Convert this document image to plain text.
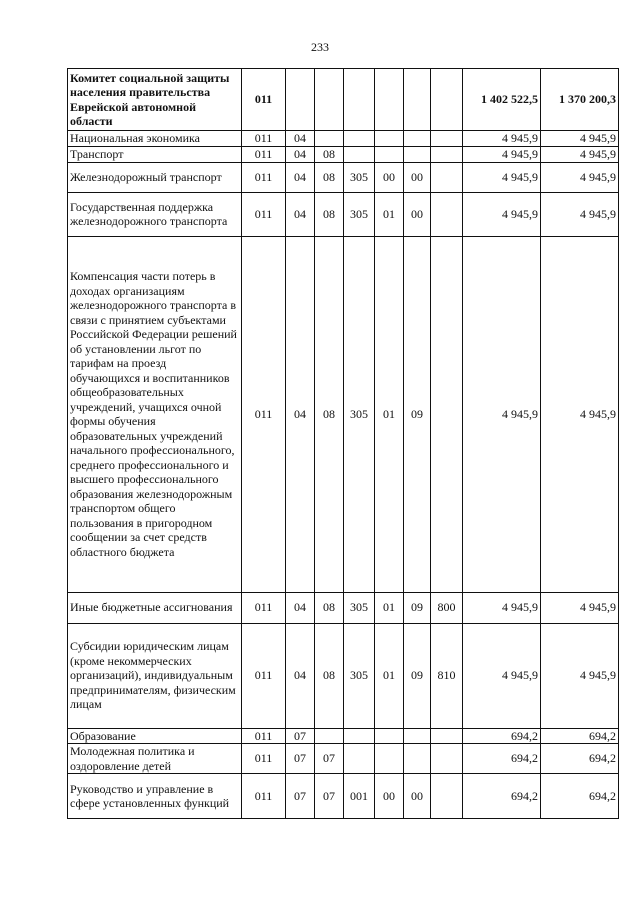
233
Комитет социальной защиты населения правительства Еврейской автономной области	011							1 402 522,5	1 370 200,3
Национальная экономика	011	04						4 945,9	4 945,9
Транспорт	011	04	08					4 945,9	4 945,9
Железнодорожный транспорт	011	04	08	305	00	00		4 945,9	4 945,9
Государственная поддержка железнодорожного транспорта	011	04	08	305	01	00		4 945,9	4 945,9
Компенсация части потерь в доходах организациям железнодорожного транспорта в связи с принятием субъектами Российской Федерации решений об установлении льгот по тарифам на проезд обучающихся и воспитанников общеобразовательных учреждений, учащихся очной формы обучения образовательных учреждений начального профессионального, среднего профессионального и высшего профессионального образования железнодорожным транспортом общего пользования в пригородном сообщении за счет средств областного бюджета	011	04	08	305	01	09		4 945,9	4 945,9
Иные бюджетные ассигнования	011	04	08	305	01	09	800	4 945,9	4 945,9
Субсидии юридическим лицам (кроме некоммерческих организаций), индивидуальным предпринимателям, физическим лицам	011	04	08	305	01	09	810	4 945,9	4 945,9
Образование	011	07						694,2	694,2
Молодежная политика и оздоровление детей	011	07	07					694,2	694,2
Руководство и управление в сфере установленных функций	011	07	07	001	00	00		694,2	694,2
